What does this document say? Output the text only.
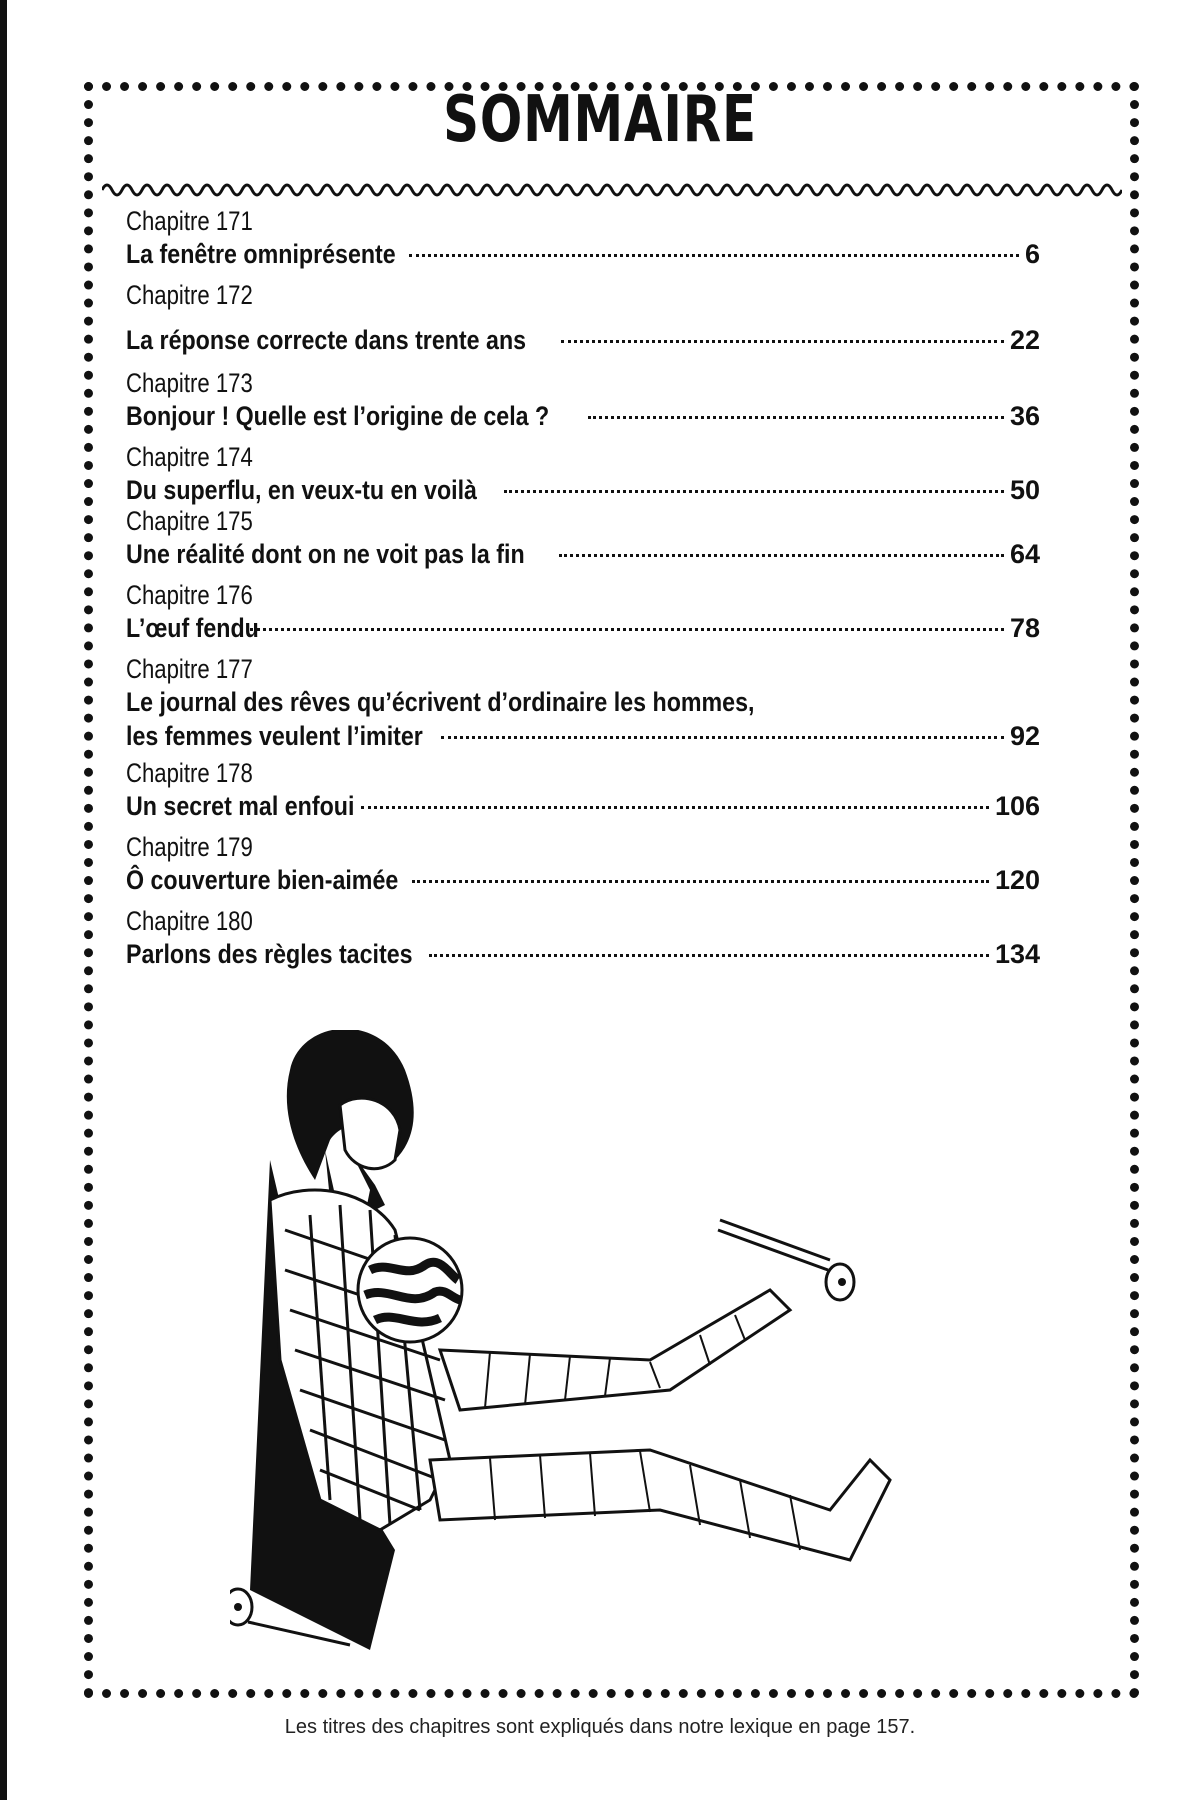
SOMMAIRE
Chapitre 171
La fenêtre omniprésente	6
Chapitre 172
La réponse correcte dans trente ans	22
Chapitre 173
Bonjour ! Quelle est l’origine de cela ?	36
Chapitre 174
Du superflu, en veux-tu en voilà	50
Chapitre 175
Une réalité dont on ne voit pas la fin	64
Chapitre 176
L’œuf fendu	78
Chapitre 177
Le journal des rêves qu’écrivent d’ordinaire les hommes,
les femmes veulent l’imiter	92
Chapitre 178
Un secret mal enfoui	106
Chapitre 179
Ô couverture bien-aimée	120
Chapitre 180
Parlons des règles tacites	134
Les titres des chapitres sont expliqués dans notre lexique en page 157.
